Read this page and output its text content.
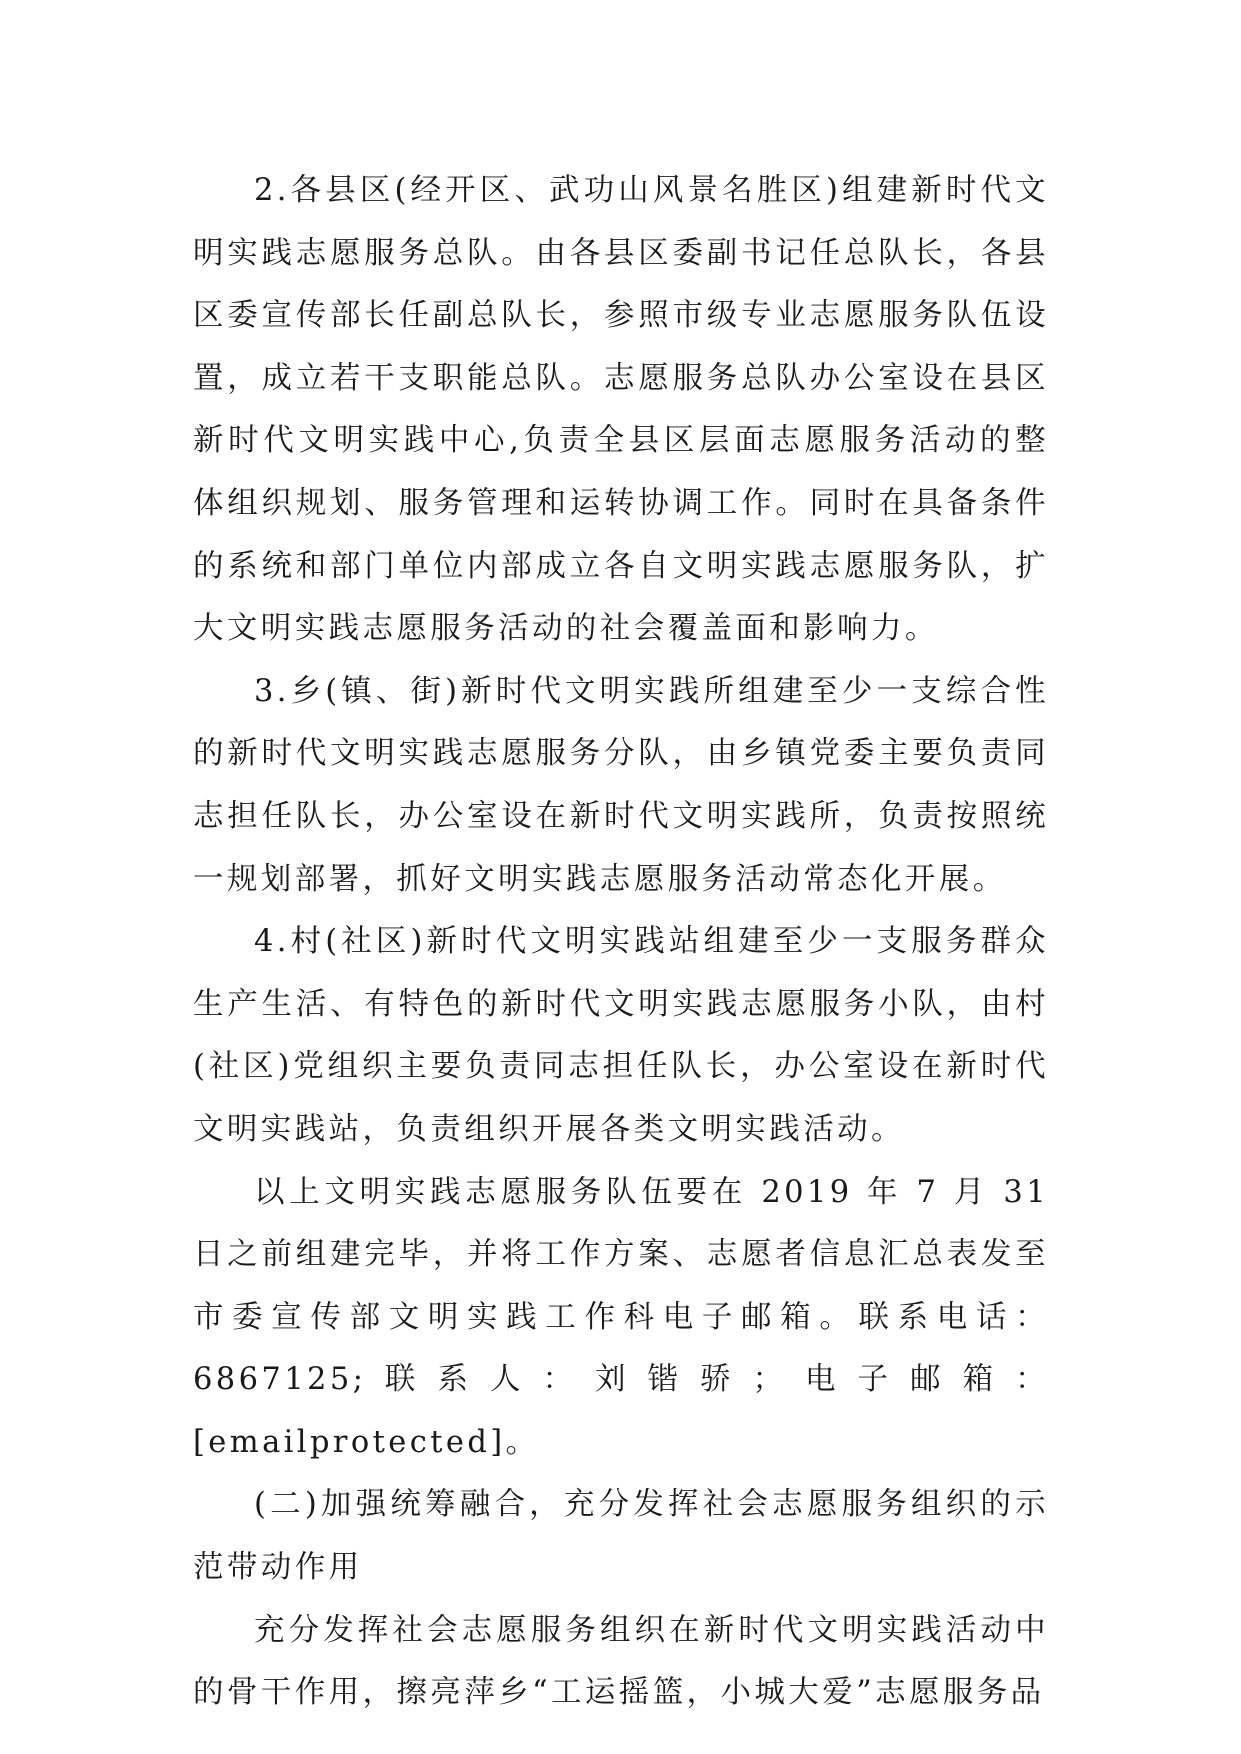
2.各县区(经开区、武功山风景名胜区)组建新时代文明实践志愿服务总队。由各县区委副书记任总队长，各县区委宣传部长任副总队长，参照市级专业志愿服务队伍设置，成立若干支职能总队。志愿服务总队办公室设在县区新时代文明实践中心,负责全县区层面志愿服务活动的整体组织规划、服务管理和运转协调工作。同时在具备条件的系统和部门单位内部成立各自文明实践志愿服务队，扩大文明实践志愿服务活动的社会覆盖面和影响力。

3.乡(镇、街)新时代文明实践所组建至少一支综合性的新时代文明实践志愿服务分队，由乡镇党委主要负责同志担任队长，办公室设在新时代文明实践所，负责按照统一规划部署，抓好文明实践志愿服务活动常态化开展。

4.村(社区)新时代文明实践站组建至少一支服务群众生产生活、有特色的新时代文明实践志愿服务小队，由村(社区)党组织主要负责同志担任队长，办公室设在新时代文明实践站，负责组织开展各类文明实践活动。

以上文明实践志愿服务队伍要在 2019 年 7 月 31 日之前组建完毕，并将工作方案、志愿者信息汇总表发至市委宣传部文明实践工作科电子邮箱。联系电话：6867125;联系人：刘锴骄；电子邮箱：[emailprotected]。

(二)加强统筹融合，充分发挥社会志愿服务组织的示范带动作用

充分发挥社会志愿服务组织在新时代文明实践活动中的骨干作用，擦亮萍乡“工运摇篮，小城大爱”志愿服务品
